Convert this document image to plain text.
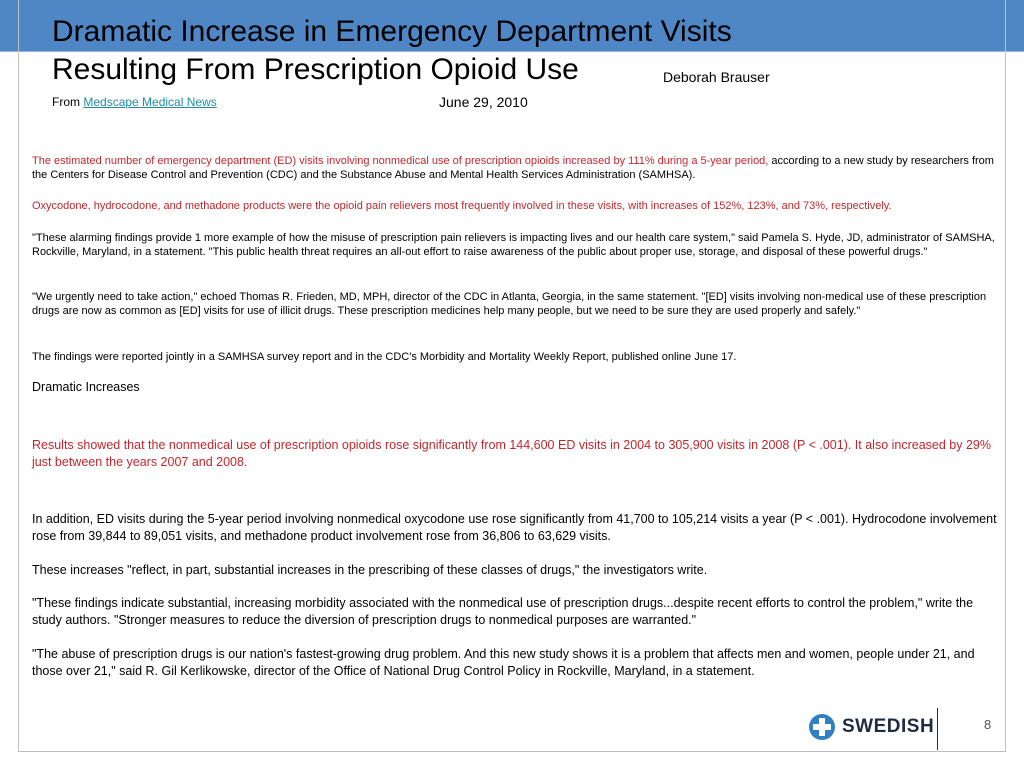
Dramatic Increase in Emergency Department Visits
Resulting From Prescription Opioid Use	Deborah Brauser
From Medscape Medical News	June 29, 2010

The estimated number of emergency department (ED) visits involving nonmedical use of prescription opioids increased by 111% during a 5-year period, according to a new study by researchers from the Centers for Disease Control and Prevention (CDC) and the Substance Abuse and Mental Health Services Administration (SAMHSA).

Oxycodone, hydrocodone, and methadone products were the opioid pain relievers most frequently involved in these visits, with increases of 152%, 123%, and 73%, respectively.

"These alarming findings provide 1 more example of how the misuse of prescription pain relievers is impacting lives and our health care system," said Pamela S. Hyde, JD, administrator of SAMSHA, Rockville, Maryland, in a statement. "This public health threat requires an all-out effort to raise awareness of the public about proper use, storage, and disposal of these powerful drugs."

"We urgently need to take action," echoed Thomas R. Frieden, MD, MPH, director of the CDC in Atlanta, Georgia, in the same statement. "[ED] visits involving non-medical use of these prescription drugs are now as common as [ED] visits for use of illicit drugs. These prescription medicines help many people, but we need to be sure they are used properly and safely."

The findings were reported jointly in a SAMHSA survey report and in the CDC's Morbidity and Mortality Weekly Report, published online June 17.

Dramatic Increases

Results showed that the nonmedical use of prescription opioids rose significantly from 144,600 ED visits in 2004 to 305,900 visits in 2008 (P < .001). It also increased by 29% just between the years 2007 and 2008.

In addition, ED visits during the 5-year period involving nonmedical oxycodone use rose significantly from 41,700 to 105,214 visits a year (P < .001). Hydrocodone involvement rose from 39,844 to 89,051 visits, and methadone product involvement rose from 36,806 to 63,629 visits.

These increases "reflect, in part, substantial increases in the prescribing of these classes of drugs," the investigators write.

"These findings indicate substantial, increasing morbidity associated with the nonmedical use of prescription drugs...despite recent efforts to control the problem," write the study authors. "Stronger measures to reduce the diversion of prescription drugs to nonmedical purposes are warranted."

"The abuse of prescription drugs is our nation's fastest-growing drug problem. And this new study shows it is a problem that affects men and women, people under 21, and those over 21," said R. Gil Kerlikowske, director of the Office of National Drug Control Policy in Rockville, Maryland, in a statement.

SWEDISH	8
